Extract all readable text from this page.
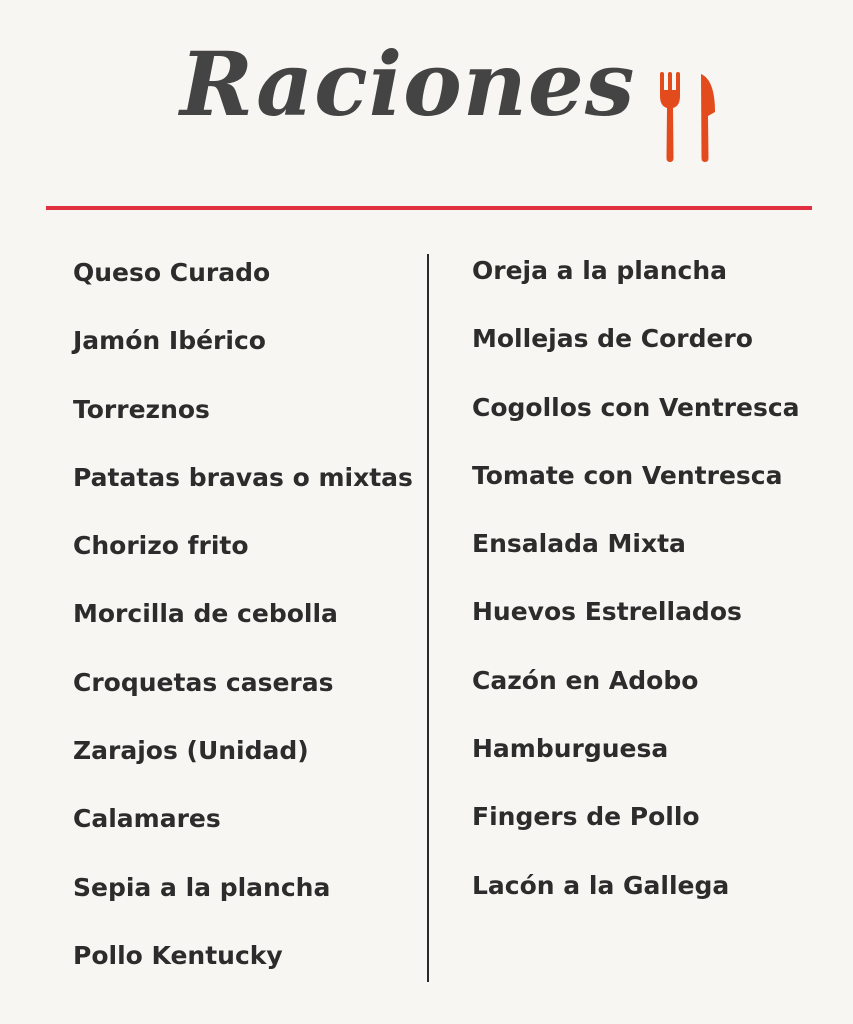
Raciones
Queso Curado
Jamón Ibérico
Torreznos
Patatas bravas o mixtas
Chorizo frito
Morcilla de cebolla
Croquetas caseras
Zarajos (Unidad)
Calamares
Sepia a la plancha
Pollo Kentucky
Oreja a la plancha
Mollejas de Cordero
Cogollos con Ventresca
Tomate con Ventresca
Ensalada Mixta
Huevos Estrellados
Cazón en Adobo
Hamburguesa
Fingers de Pollo
Lacón a la Gallega
